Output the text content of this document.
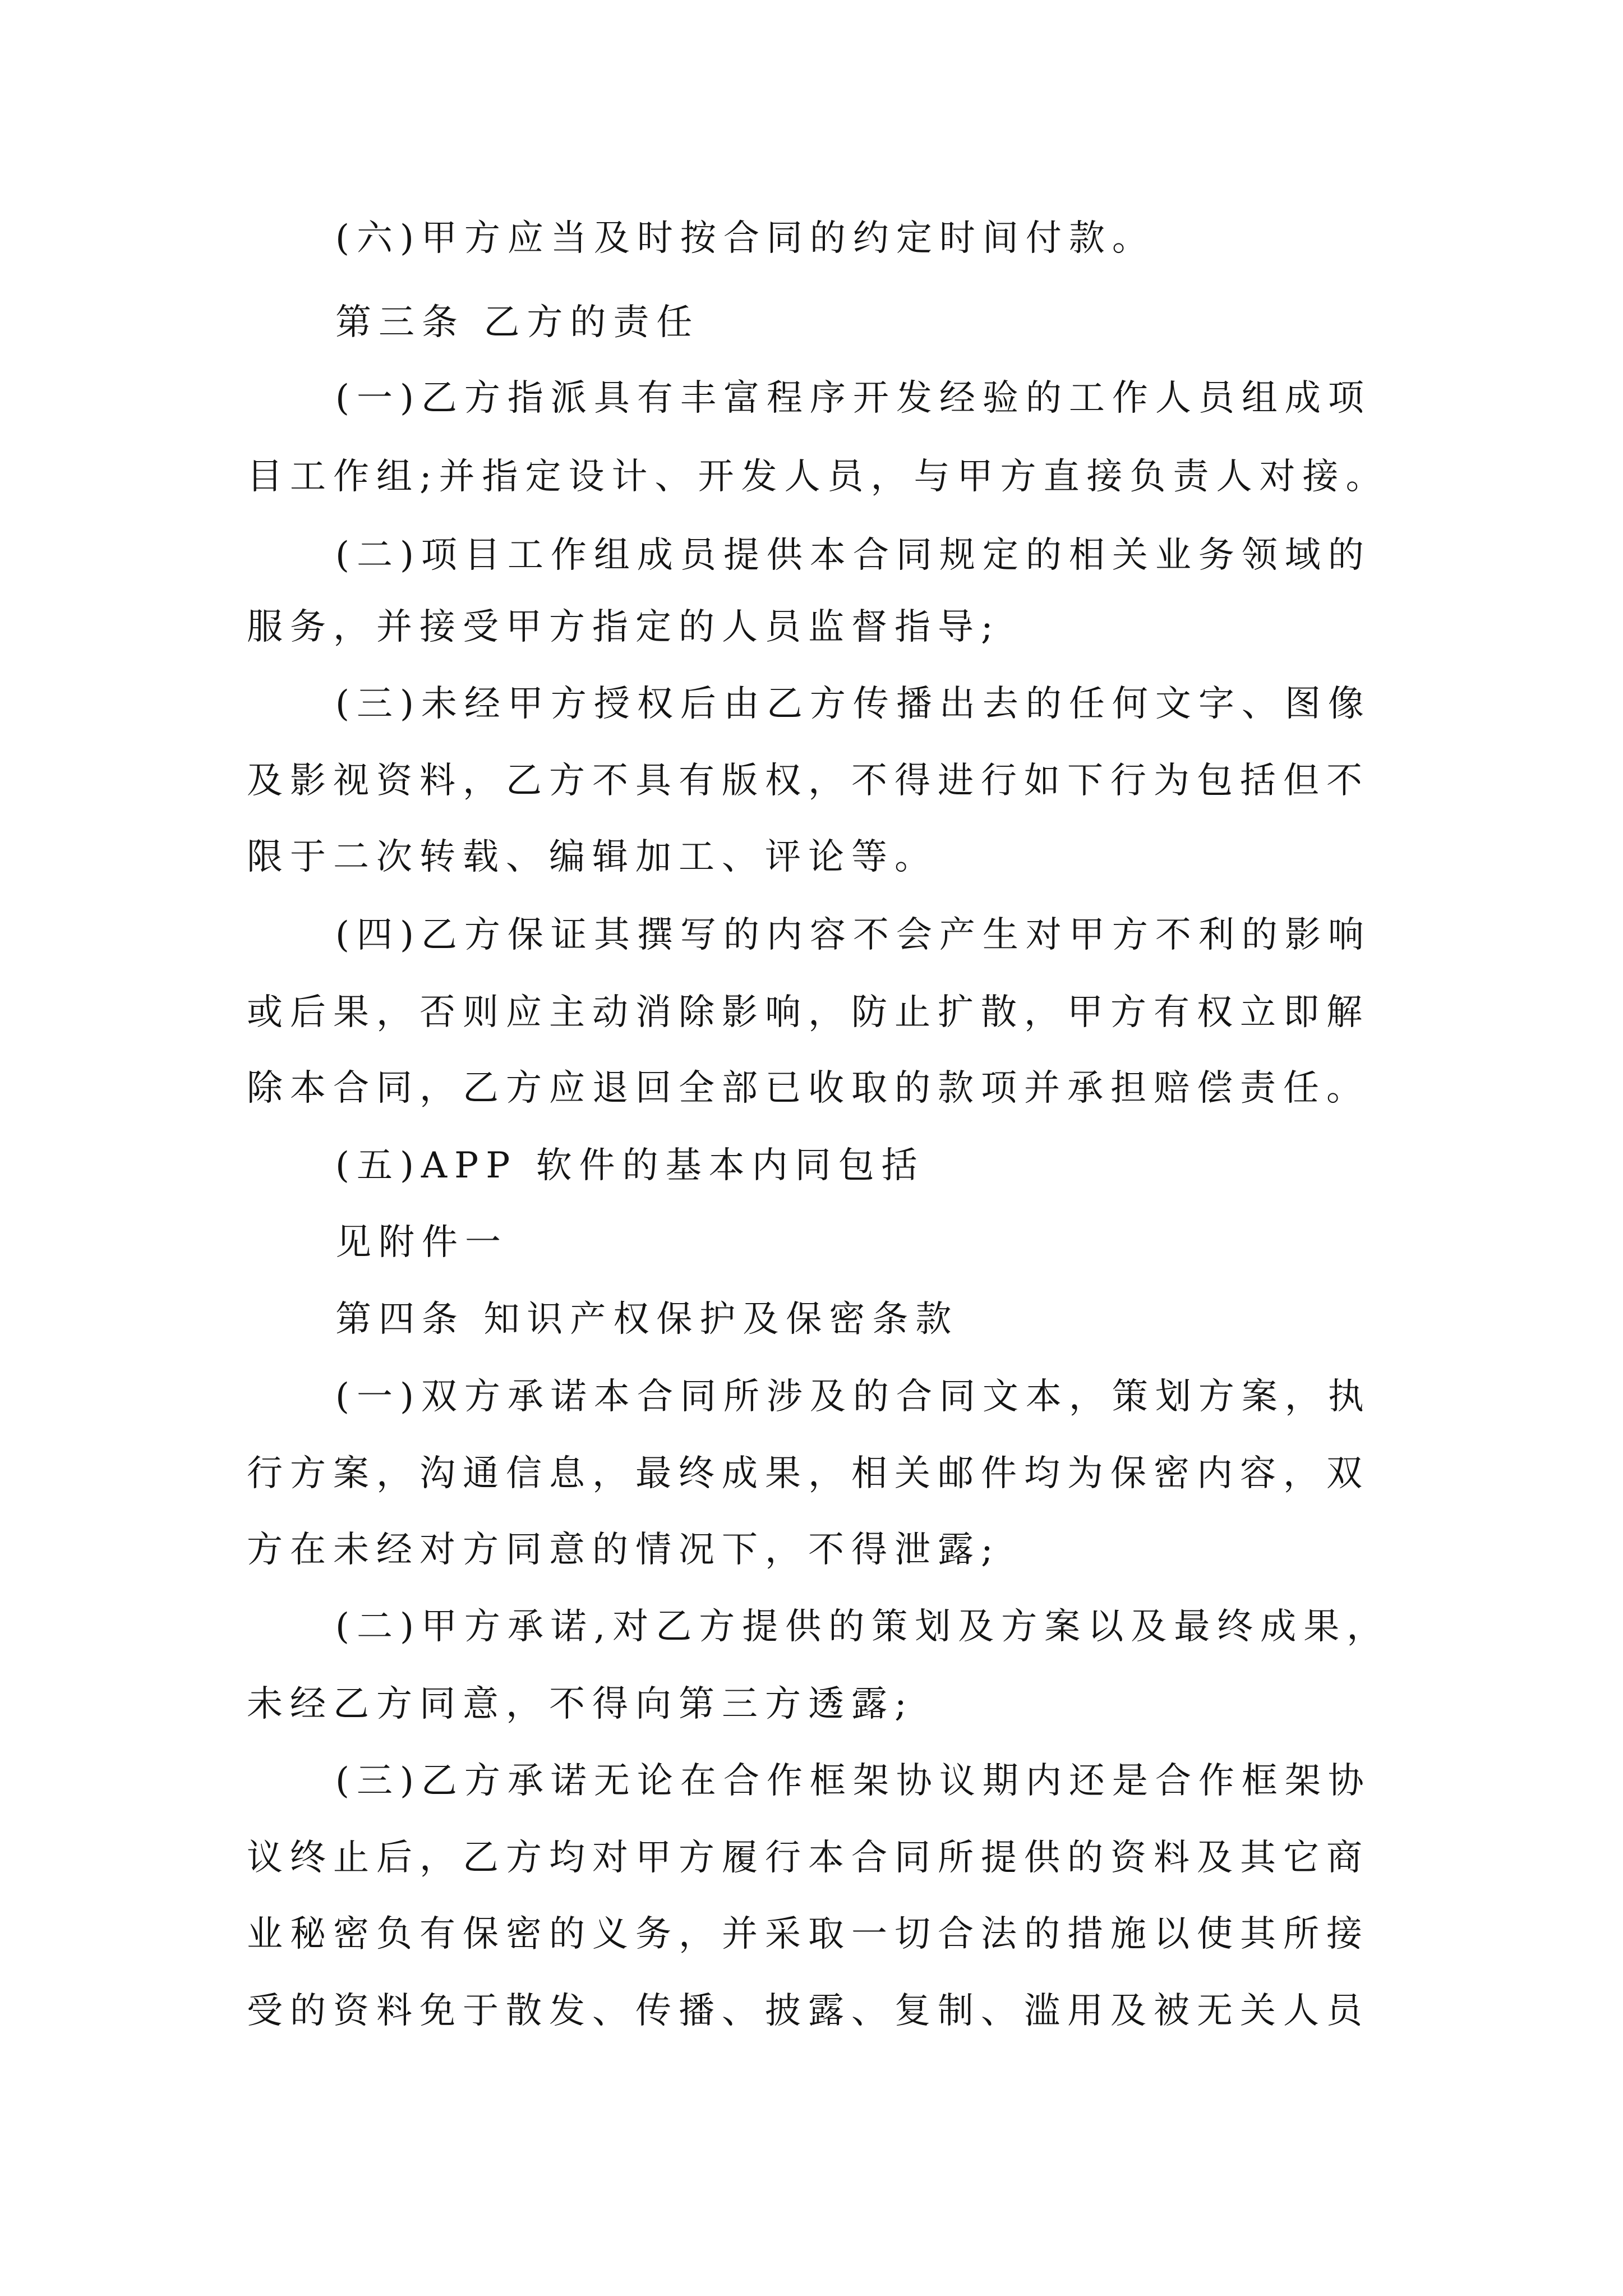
(六)甲方应当及时按合同的约定时间付款。
第三条 乙方的责任
(一)乙方指派具有丰富程序开发经验的工作人员组成项
目工作组;并指定设计、开发人员，与甲方直接负责人对接。
(二)项目工作组成员提供本合同规定的相关业务领域的
服务，并接受甲方指定的人员监督指导;
(三)未经甲方授权后由乙方传播出去的任何文字、图像
及影视资料，乙方不具有版权，不得进行如下行为包括但不
限于二次转载、编辑加工、评论等。
(四)乙方保证其撰写的内容不会产生对甲方不利的影响
或后果，否则应主动消除影响，防止扩散，甲方有权立即解
除本合同，乙方应退回全部已收取的款项并承担赔偿责任。
(五)APP 软件的基本内同包括
见附件一
第四条 知识产权保护及保密条款
(一)双方承诺本合同所涉及的合同文本，策划方案，执
行方案，沟通信息，最终成果，相关邮件均为保密内容，双
方在未经对方同意的情况下，不得泄露;
(二)甲方承诺,对乙方提供的策划及方案以及最终成果，
未经乙方同意，不得向第三方透露;
(三)乙方承诺无论在合作框架协议期内还是合作框架协
议终止后，乙方均对甲方履行本合同所提供的资料及其它商
业秘密负有保密的义务，并采取一切合法的措施以使其所接
受的资料免于散发、传播、披露、复制、滥用及被无关人员
